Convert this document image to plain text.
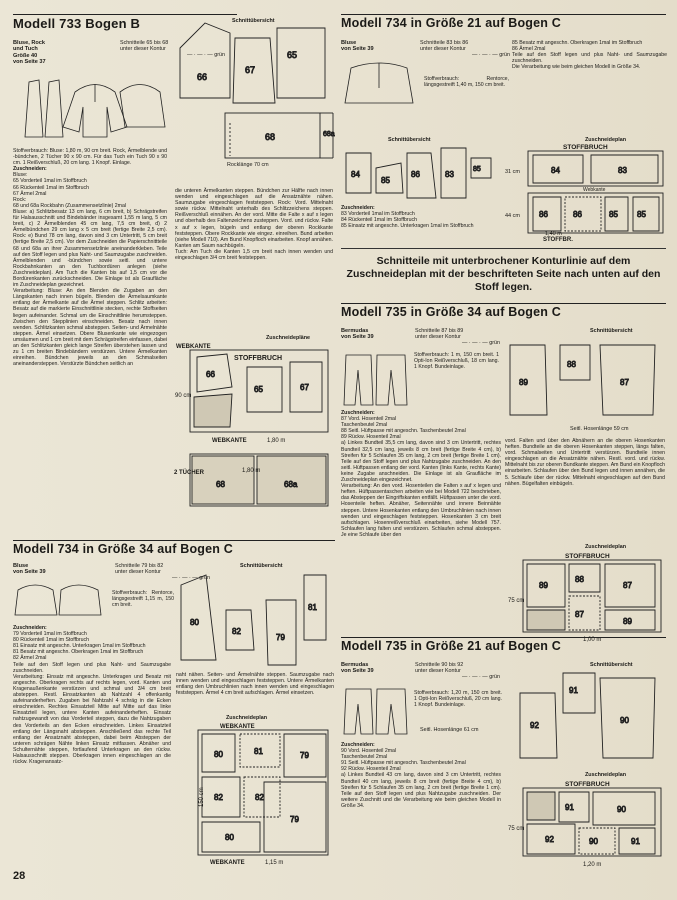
Modell 733 Bogen B
Bluse, Rock
und Tuch
Größe 40
von Seite 37
Schnitteile 65 bis 68
unter dieser Kontur
— · — · — grün
Schnittübersicht
66
67
65
68	68a
Rocklänge 70 cm
Stoffverbrauch: Bluse: 1,80 m, 90 cm breit. Rock, Ärmelblende und -bündchen, 2 Tücher 90 x 90 cm. Für das Tuch ein Tuch 90 x 90 cm. 1 Reißverschluß, 20 cm lang. 1 Knopf. Einlage.
Zuschneiden:
Bluse:
65 Vorderteil 1mal im Stoffbruch
66 Rückenteil 1mal im Stoffbruch
67 Ärmel 2mal
Rock:
68 und 68a Rockbahn (Zusammensetzlinie) 2mal
Bluse: a) Schlitzbesatz 13 cm lang, 6 cm breit, b) Schrägstreifen für Halsausschnitt und Bindebänder insgesamt 1,55 m lang, 5 cm breit, c) 2 Ärmelblenden 45 cm lang, 7,5 cm breit, d) 2 Ärmelbündchen 29 cm lang x 5 cm breit (fertige Breite 2,5 cm). Rock: e) Bund 78 cm lang, davon sind 3 cm Untertritt, 5 cm breit (fertige Breite 2,5 cm). Vor dem Zuschneiden die Papierschnittteile 68 und 68a an ihrer Zusammensetzlinie aneinanderkleben. Teile auf den Stoff legen und plus Naht- und Saumzugabe zuschneiden. Ärmelblenden und -bündchen sowie seitl. und untere Rockbahnkanten an den Tuchbordüren anlegen (siehe Zuschneideplan). Am Tuch die Kanten bis auf 1,5 cm vor die Bordürenkanten zurückschneiden. Die Einlage ist als Graufläche im Zuschneideplan gezeichnet.
Verarbeitung: Bluse: An den Blenden die Zugaben an den Längskanten nach innen bügeln. Blenden die Ärmelsaumkante entlang der Ärmelkante auf die Ärmel steppen. Schlitz arbeiten: Besatz auf die markierte Einschnittlinie stecken, rechte Stoffseiten liegen aufeinander. Schmal um die Einschnittlinie herumsteppen. Zwischen den Stepplinien einschneiden. Besatz nach innen wenden. Schlitzkanten schmal absteppen. Seiten- und Ärmelnähte steppen. Ärmel einsetzen. Obere Blusenkante wie eingezogen umsäumen und 1 cm breit mit dem Schrägstreifen einfassen, dabei an den Schlitzkanten gleich lange Streifen überstehen lassen und zu 1 cm breiten Bindebändern verstürzen. Untere Ärmelkanten einreihen. Bündchen jeweils an den Schmalseiten aneinandersteppen. Verstürzte Bündchen seitlich an
die unteren Ärmelkanten steppen. Bündchen zur Hälfte nach innen wenden und eingeschlagen auf die Ansatznähte nähen. Saumzugabe eingeschlagen feststeppen. Rock: Vord. Mittelnaht sowie rückw. Mittelnaht unterhalb des Schlitzzeichens steppen. Reißverschluß einnähen. An der vord. Mitte die Falte x auf x legen und oberhalb des Faltenzeichens zusteppen. Vord. und rückw. Falte x auf x legen, bügeln und entlang der oberen Rockkante feststeppen. Obere Rockkante wie eingez. einreihen. Bund arbeiten (siehe Modell 710). Am Bund Knopfloch einarbeiten. Knopf annähen. Kanten am Saum nachbügeln.
Tuch: Am Tuch die Kanten 1,5 cm breit nach innen wenden und eingeschlagen 3/4 cm breit feststeppen.
Zuschneidepläne
66
65	67
68	68a
WEBKANTE
STOFFBRUCH
WEBKANTE	1,80 m
90 cm
2 TÜCHER	1,80 m
Modell 734 in Größe 34 auf Bogen C
Bluse
von Seite 39
Schnitteile 79 bis 82
unter dieser Kontur
— · — · — grün
Stoffverbrauch: Rentorce, längsgestreift 1,15 m, 150 cm breit.
Schnittübersicht
80
82
79
81
Zuschneiden:
79 Vorderteil 1mal im Stoffbruch
80 Rückenteil 1mal im Stoffbruch
81 Einsatz mit angeschn. Unterkragen 1mal im Stoffbruch
81 Besatz mit angeschn. Oberkragen 1mal im Stoffbruch
82 Ärmel 2mal
Teile auf den Stoff legen und plus Naht- und Saumzugabe zuschneiden.
Verarbeitung: Einsatz mit angeschn. Unterkragen und Besatz mit angeschn. Oberkragen rechts auf rechts legen, vord. Kanten und Kragenaußenkante verstürzen und schmal und 3/4 cm breit absteppen. Restl. Einsatzkanten ab Nahtzahl 4 offenkantig aufeinanderheften. Zugaben bei Nahtzahl 4 schräg in die Ecken einschneiden. Rechtes Einsatzteil Mitte auf Mitte auf das linke Einsatzteil legen, untere Kanten aufeinanderheften. Einsatz nahtzugewandt von das Vorderteil steppen, dazu die Nahtzugaben des Vorderteils an den Ecken einschneiden. Linkes Einsatzteil entlang der Längsnaht absteppen. Anschließend das rechte Teil entlang der Ansatznaht absteppen, dabei beim Absteppen der unteren schrägen Nähte linken Einsatz mitfassen. Abnäher und Schulternähte steppen, fortlaufend Unterkragen an den rückw. Halsausschnitt steppen. Oberkragen innen eingeschlagen an die rückw. Kragenansatz-
naht nähen. Seiten- und Ärmelnähte steppen. Saumzugabe nach innen wenden und eingeschlagen feststeppen. Untere Ärmelkanten entlang den Umbruchlinien nach innen wenden und eingeschlagen feststeppen. Ärmel 4 cm breit aufschlagen. Ärmel einsetzen.
Zuschneideplan
80	81	79
82	82
80
79
WEBKANTE
150 cm
WEBKANTE	1,15 m
28
Modell 734 in Größe 21 auf Bogen C
Bluse
von Seite 39
Schnitteile 83 bis 86
unter dieser Kontur
— · — · — grün
Stoffverbrauch: Rentorce, längsgestreift 1,40 m, 150 cm breit.
85 Besatz mit angeschn. Oberkragen 1mal im Stoffbruch
86 Ärmel 2mal
Teile auf den Stoff legen und plus Naht- und Saumzugabe zuschneiden.
Die Verarbeitung wie beim gleichen Modell in Größe 34.
Schnittübersicht
84
85
86	83
85
Zuschneideplan
84	83
86	86	85 85
STOFFBRUCH
Webkante
31 cm
44 cm
STOFFBR.
1,40 m
Zuschneiden:
83 Vorderteil 1mal im Stoffbruch
84 Rückenteil 1mal im Stoffbruch
85 Einsatz mit angeschn. Unterkragen 1mal im Stoffbruch
Schnitteile mit unterbrochener Konturlinie auf dem Zuschneideplan mit der beschrifteten Seite nach unten auf den Stoff legen.
Modell 735 in Größe 34 auf Bogen C
Bermudas
von Seite 39
Schnitteile 87 bis 89
unter dieser Kontur
— · — · — grün
Stoffverbrauch: 1 m, 150 cm breit. 1 Opti-Ion Reißverschluß, 18 cm lang. 1 Knopf. Bundeinlage.
Schnittübersicht
89
88
87
Seitl. Hosenlänge 59 cm
Zuschneiden:
87 Vord. Hosenteil 2mal
Taschenbeutel 2mal
88 Seitl. Hüftpasse mit angeschn. Taschenbeutel 2mal
89 Rückw. Hosenteil 2mal
a) Linkes Bundteil 35,5 cm lang, davon sind 3 cm Untertritt, rechtes Bundteil 32,5 cm lang, jeweils 8 cm breit (fertige Breite 4 cm), b) Streifen für 5 Schlaufen 35 cm lang, 2 cm breit (fertige Breite 1 cm). Teile auf den Stoff legen und plus Nahtzugabe zuschneiden. An den seitl. Hüftpassen entlang der vord. Kanten (links Kante, rechts Kante) keine Zugabe anschneiden. Die Einlage ist als Graufläche im Zuschneideplan eingezeichnet.
Verarbeitung: An den vord. Hosenteilen die Falten x auf x legen und heften. Hüftpassentaschen arbeiten wie bei Modell 722 beschrieben, das Absteppen der Eingriffskanten entfällt. Hüftpassen unter die vord. Hosenteile heften. Abnäher, Seitennähte und innere Beinnähte steppen. Untere Hosenkanten entlang den Umbruchlinien nach innen wenden und eingeschlagen feststeppen. Hosenkanten 3 cm breit aufschlagen. Hosenreißverschluß einarbeiten, siehe Modell 757. Schlaufen lang falten und verstürzen. Schlaufen schmal absteppen. Je eine Schlaufe über den
vord. Falten und über den Abnähern an die oberen Hosenkanten heften. Bundteile an die oberen Hosenkanten steppen, längs falten, vord. Schmalseiten und Untertritt verstürzen. Bundteile innen eingeschlagen an die Ansatznähte nähen. Restl. vord. und rückw. Mittelnaht bis zur oberen Bundkante steppen. Am Bund ein Knopfloch einarbeiten. Schlaufen über den Bund legen und innen annähen, die 5. Schlaufe über der rückw. Mittelnaht eingeschlagen auf den Bund nähen. Bügelfalten einbügeln.
Zuschneideplan
89
88
87
87
89
STOFFBRUCH
75 cm
1,00 m
Modell 735 in Größe 21 auf Bogen C
Bermudas
von Seite 39
Schnitteile 90 bis 92
unter dieser Kontur
— · — · — grün
Stoffverbrauch: 1,20 m, 150 cm breit. 1 Opti-Ion Reißverschluß, 20 cm lang. 1 Knopf. Bundeinlage.
Seitl. Hosenlänge 61 cm
Schnittübersicht
92
91
90
Zuschneiden:
90 Vord. Hosenteil 2mal
Taschenbeutel 2mal
91 Seitl. Hüftpasse mit angeschn. Taschenbeutel 2mal
92 Rückw. Hosenteil 2mal
a) Linkes Bundteil 43 cm lang, davon sind 3 cm Untertritt, rechtes Bundteil 40 cm lang, jeweils 8 cm breit (fertige Breite 4 cm), b) Streifen für 5 Schlaufen 35 cm lang, 2 cm breit (fertige Breite 1 cm). Teile auf den Stoff legen und plus Nahtzugabe zuschneiden. Der weitere Zuschnitt und die Verarbeitung wie beim gleichen Modell in Größe 34.
Zuschneideplan
91	90
92	90	91
STOFFBRUCH
75 cm
1,20 m
